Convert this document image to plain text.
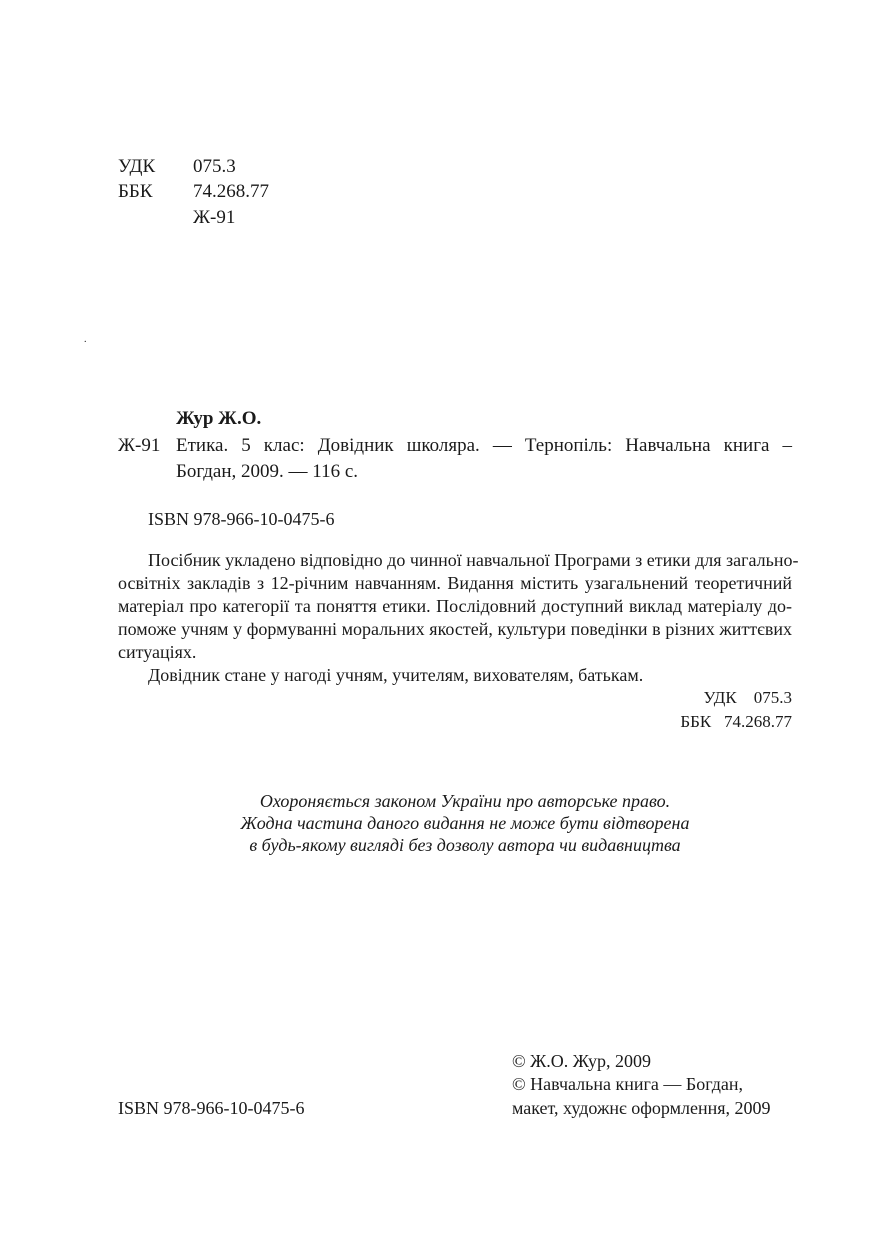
УДК 075.3
ББК 74.268.77
Ж-91
.
Жур Ж.О.
Ж-91 Етика. 5 клас: Довідник школяра. — Тернопіль: Навчальна книга –
Богдан, 2009. — 116 с.
ISBN 978-966-10-0475-6
Посібник укладено відповідно до чинної навчальної Програми з етики для загально-
освітніх закладів з 12-річним навчанням. Видання містить узагальнений теоретичний
матеріал про категорії та поняття етики. Послідовний доступний виклад матеріалу до-
поможе учням у формуванні моральних якостей, культури поведінки в різних життєвих
ситуаціях.
Довідник стане у нагоді учням, учителям, вихователям, батькам.
УДК    075.3
ББК   74.268.77
Охороняється законом України про авторське право.
Жодна частина даного видання не може бути відтворена
в будь-якому вигляді без дозволу автора чи видавництва
© Ж.О. Жур, 2009
© Навчальна книга — Богдан,
макет, художнє оформлення, 2009
ISBN 978-966-10-0475-6
